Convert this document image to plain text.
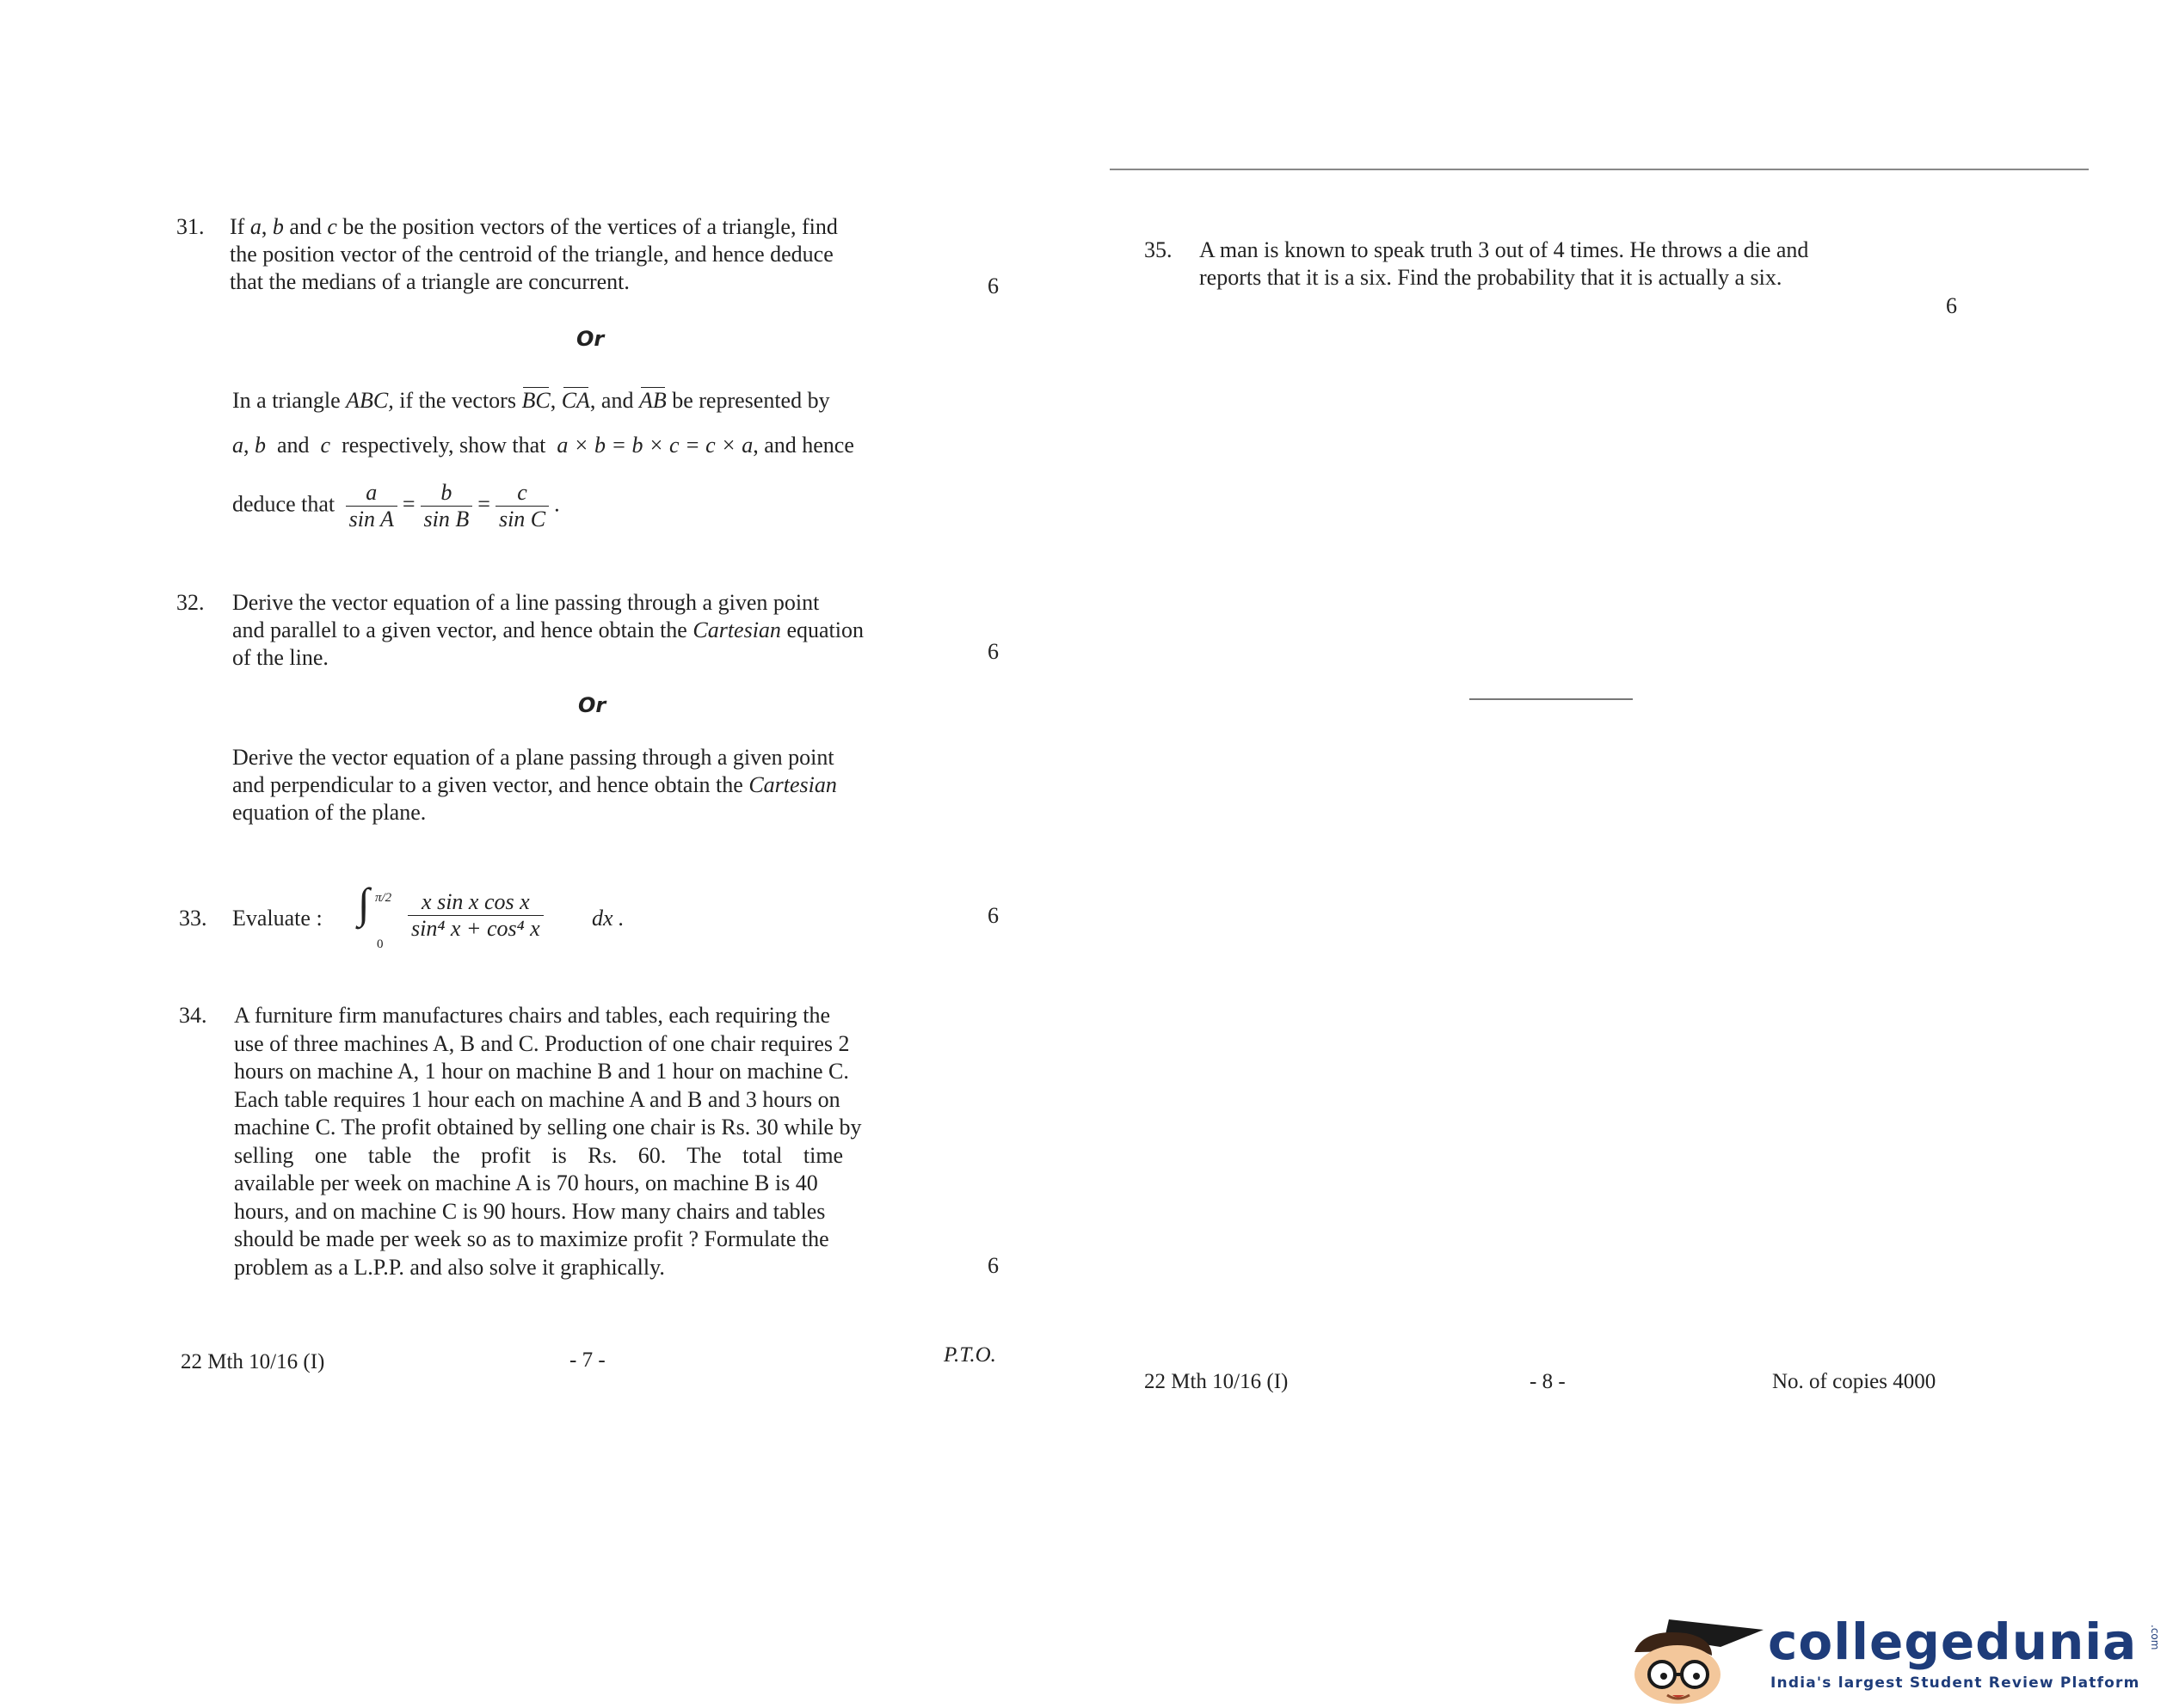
31. If a, b and c be the position vectors of the vertices of a triangle, find
the position vector of the centroid of the triangle, and hence deduce
that the medians of a triangle are concurrent.	6
Or
In a triangle ABC, if the vectors BC, CA, and AB be represented by
a, b and c respectively, show that a × b = b × c = c × a, and hence
deduce that $\frac{a}{\text{sin A}} = \frac{b}{\text{sin B}} = \frac{c}{\text{sin C}}$ .
32. Derive the vector equation of a line passing through a given point
and parallel to a given vector, and hence obtain the Cartesian equation
of the line.	6
Or
Derive the vector equation of a plane passing through a given point
and perpendicular to a given vector, and hence obtain the Cartesian
equation of the plane.
33. Evaluate : ∫ π/2
0
$\frac{\text{x sin x cos x}}{\text{sin⁴ x + cos⁴ x}}$ dx .	6
34. A furniture firm manufactures chairs and tables, each requiring the
use of three machines A, B and C. Production of one chair requires 2
hours on machine A, 1 hour on machine B and 1 hour on machine C.
Each table requires 1 hour each on machine A and B and 3 hours on
machine C. The profit obtained by selling one chair is Rs. 30 while by
selling one table the profit is Rs. 60. The total time
available per week on machine A is 70 hours, on machine B is 40
hours, and on machine C is 90 hours. How many chairs and tables
should be made per week so as to maximize profit ? Formulate the
problem as a L.P.P. and also solve it graphically.	6
22 Mth 10/16 (I)	- 7 -	P.T.O.
35. A man is known to speak truth 3 out of 4 times. He throws a die and
reports that it is a six. Find the probability that it is actually a six.
6
22 Mth 10/16 (I)	- 8 -	No. of copies 4000
collegedunia .com
India's largest Student Review Platform
